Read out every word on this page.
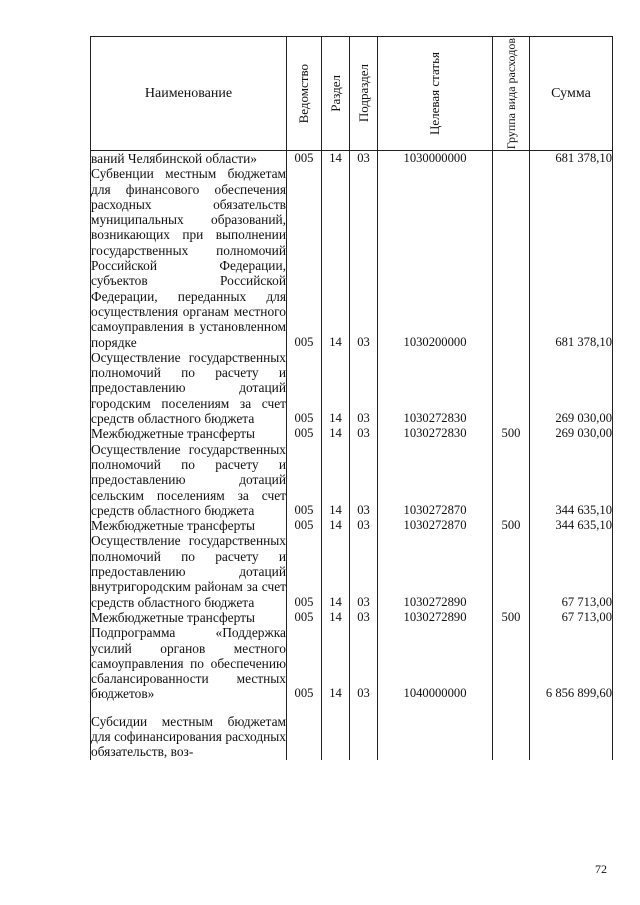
Наименование	Ведомство	Раздел	Подраздел	Целевая статья	Группа вида расходов	Сумма
ваний Челябинской области»	005	14	03	1030000000		681 378,10
Субвенции местным бюджетам для финансового обеспечения расходных обязательств муниципальных образований, возникающих при выполнении государственных полномочий Российской Федерации, субъектов Российской Федерации, переданных для осуществления органам местного самоуправления в установленном порядке	005	14	03	1030200000		681 378,10
Осуществление государственных полномочий по расчету и предоставлению дотаций городским поселениям за счет средств областного бюджета	005	14	03	1030272830		269 030,00
Межбюджетные трансферты	005	14	03	1030272830	500	269 030,00
Осуществление государственных полномочий по расчету и предоставлению дотаций сельским поселениям за счет средств областного бюджета	005	14	03	1030272870		344 635,10
Межбюджетные трансферты	005	14	03	1030272870	500	344 635,10
Осуществление государственных полномочий по расчету и предоставлению дотаций внутригородским районам за счет средств областного бюджета	005	14	03	1030272890		67 713,00
Межбюджетные трансферты	005	14	03	1030272890	500	67 713,00
Подпрограмма «Поддержка усилий органов местного самоуправления по обеспечению сбалансированности местных бюджетов»	005	14	03	1040000000		6 856 899,60
Субсидии местным бюджетам для софинансирования расходных обязательств, воз-						
72
